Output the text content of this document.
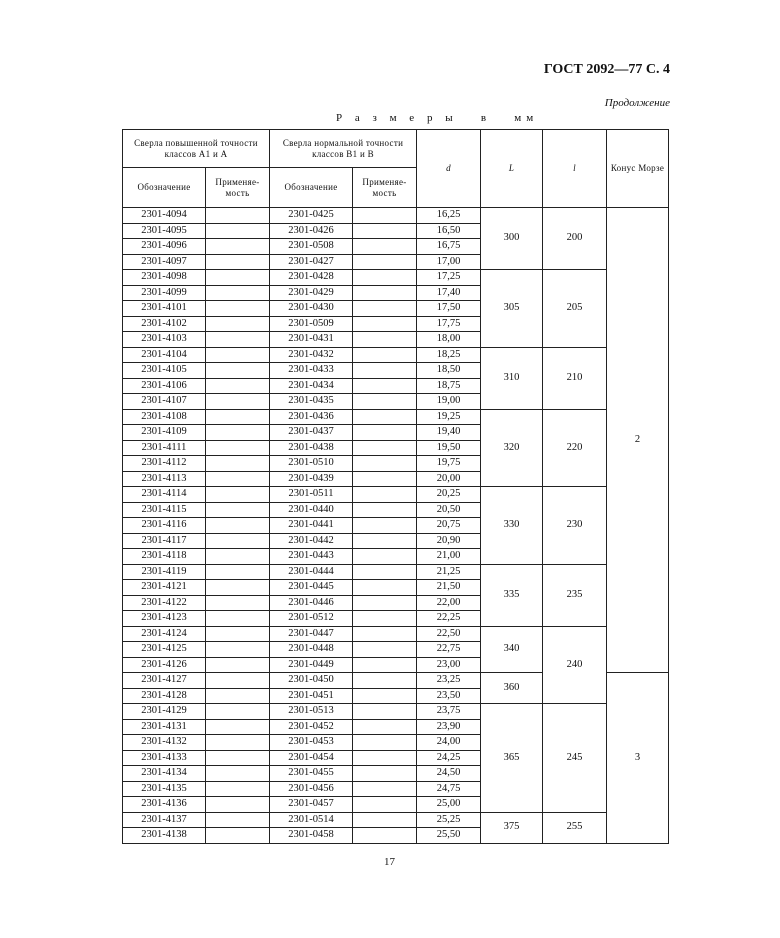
ГОСТ 2092—77 С. 4
Продолжение
Р а з м е р ы   в   мм
Сверла повышенной точности классов А1 и А		Сверла нормальной точности классов В1 и В		d	L	l	Конус Морзе
Обозначение	Применяе-мость	Обозначение	Применяе-мость				
2301-4094		2301-0425		16,25	300	200	2
2301-4095		2301-0426		16,50			
2301-4096		2301-0508		16,75			
2301-4097		2301-0427		17,00			
2301-4098		2301-0428		17,25	305	205	
2301-4099		2301-0429		17,40			
2301-4101		2301-0430		17,50			
2301-4102		2301-0509		17,75			
2301-4103		2301-0431		18,00			
2301-4104		2301-0432		18,25	310	210	
2301-4105		2301-0433		18,50			
2301-4106		2301-0434		18,75			
2301-4107		2301-0435		19,00			
2301-4108		2301-0436		19,25	320	220	
2301-4109		2301-0437		19,40			
2301-4111		2301-0438		19,50			
2301-4112		2301-0510		19,75			
2301-4113		2301-0439		20,00			
2301-4114		2301-0511		20,25	330	230	
2301-4115		2301-0440		20,50			
2301-4116		2301-0441		20,75			
2301-4117		2301-0442		20,90			
2301-4118		2301-0443		21,00			
2301-4119		2301-0444		21,25	335	235	
2301-4121		2301-0445		21,50			
2301-4122		2301-0446		22,00			
2301-4123		2301-0512		22,25			
2301-4124		2301-0447		22,50	340	240	
2301-4125		2301-0448		22,75			
2301-4126		2301-0449		23,00			
2301-4127		2301-0450		23,25	360		3
2301-4128		2301-0451		23,50			
2301-4129		2301-0513		23,75	365	245	
2301-4131		2301-0452		23,90			
2301-4132		2301-0453		24,00			
2301-4133		2301-0454		24,25			
2301-4134		2301-0455		24,50			
2301-4135		2301-0456		24,75			
2301-4136		2301-0457		25,00			
2301-4137		2301-0514		25,25	375	255	
2301-4138		2301-0458		25,50			
17
